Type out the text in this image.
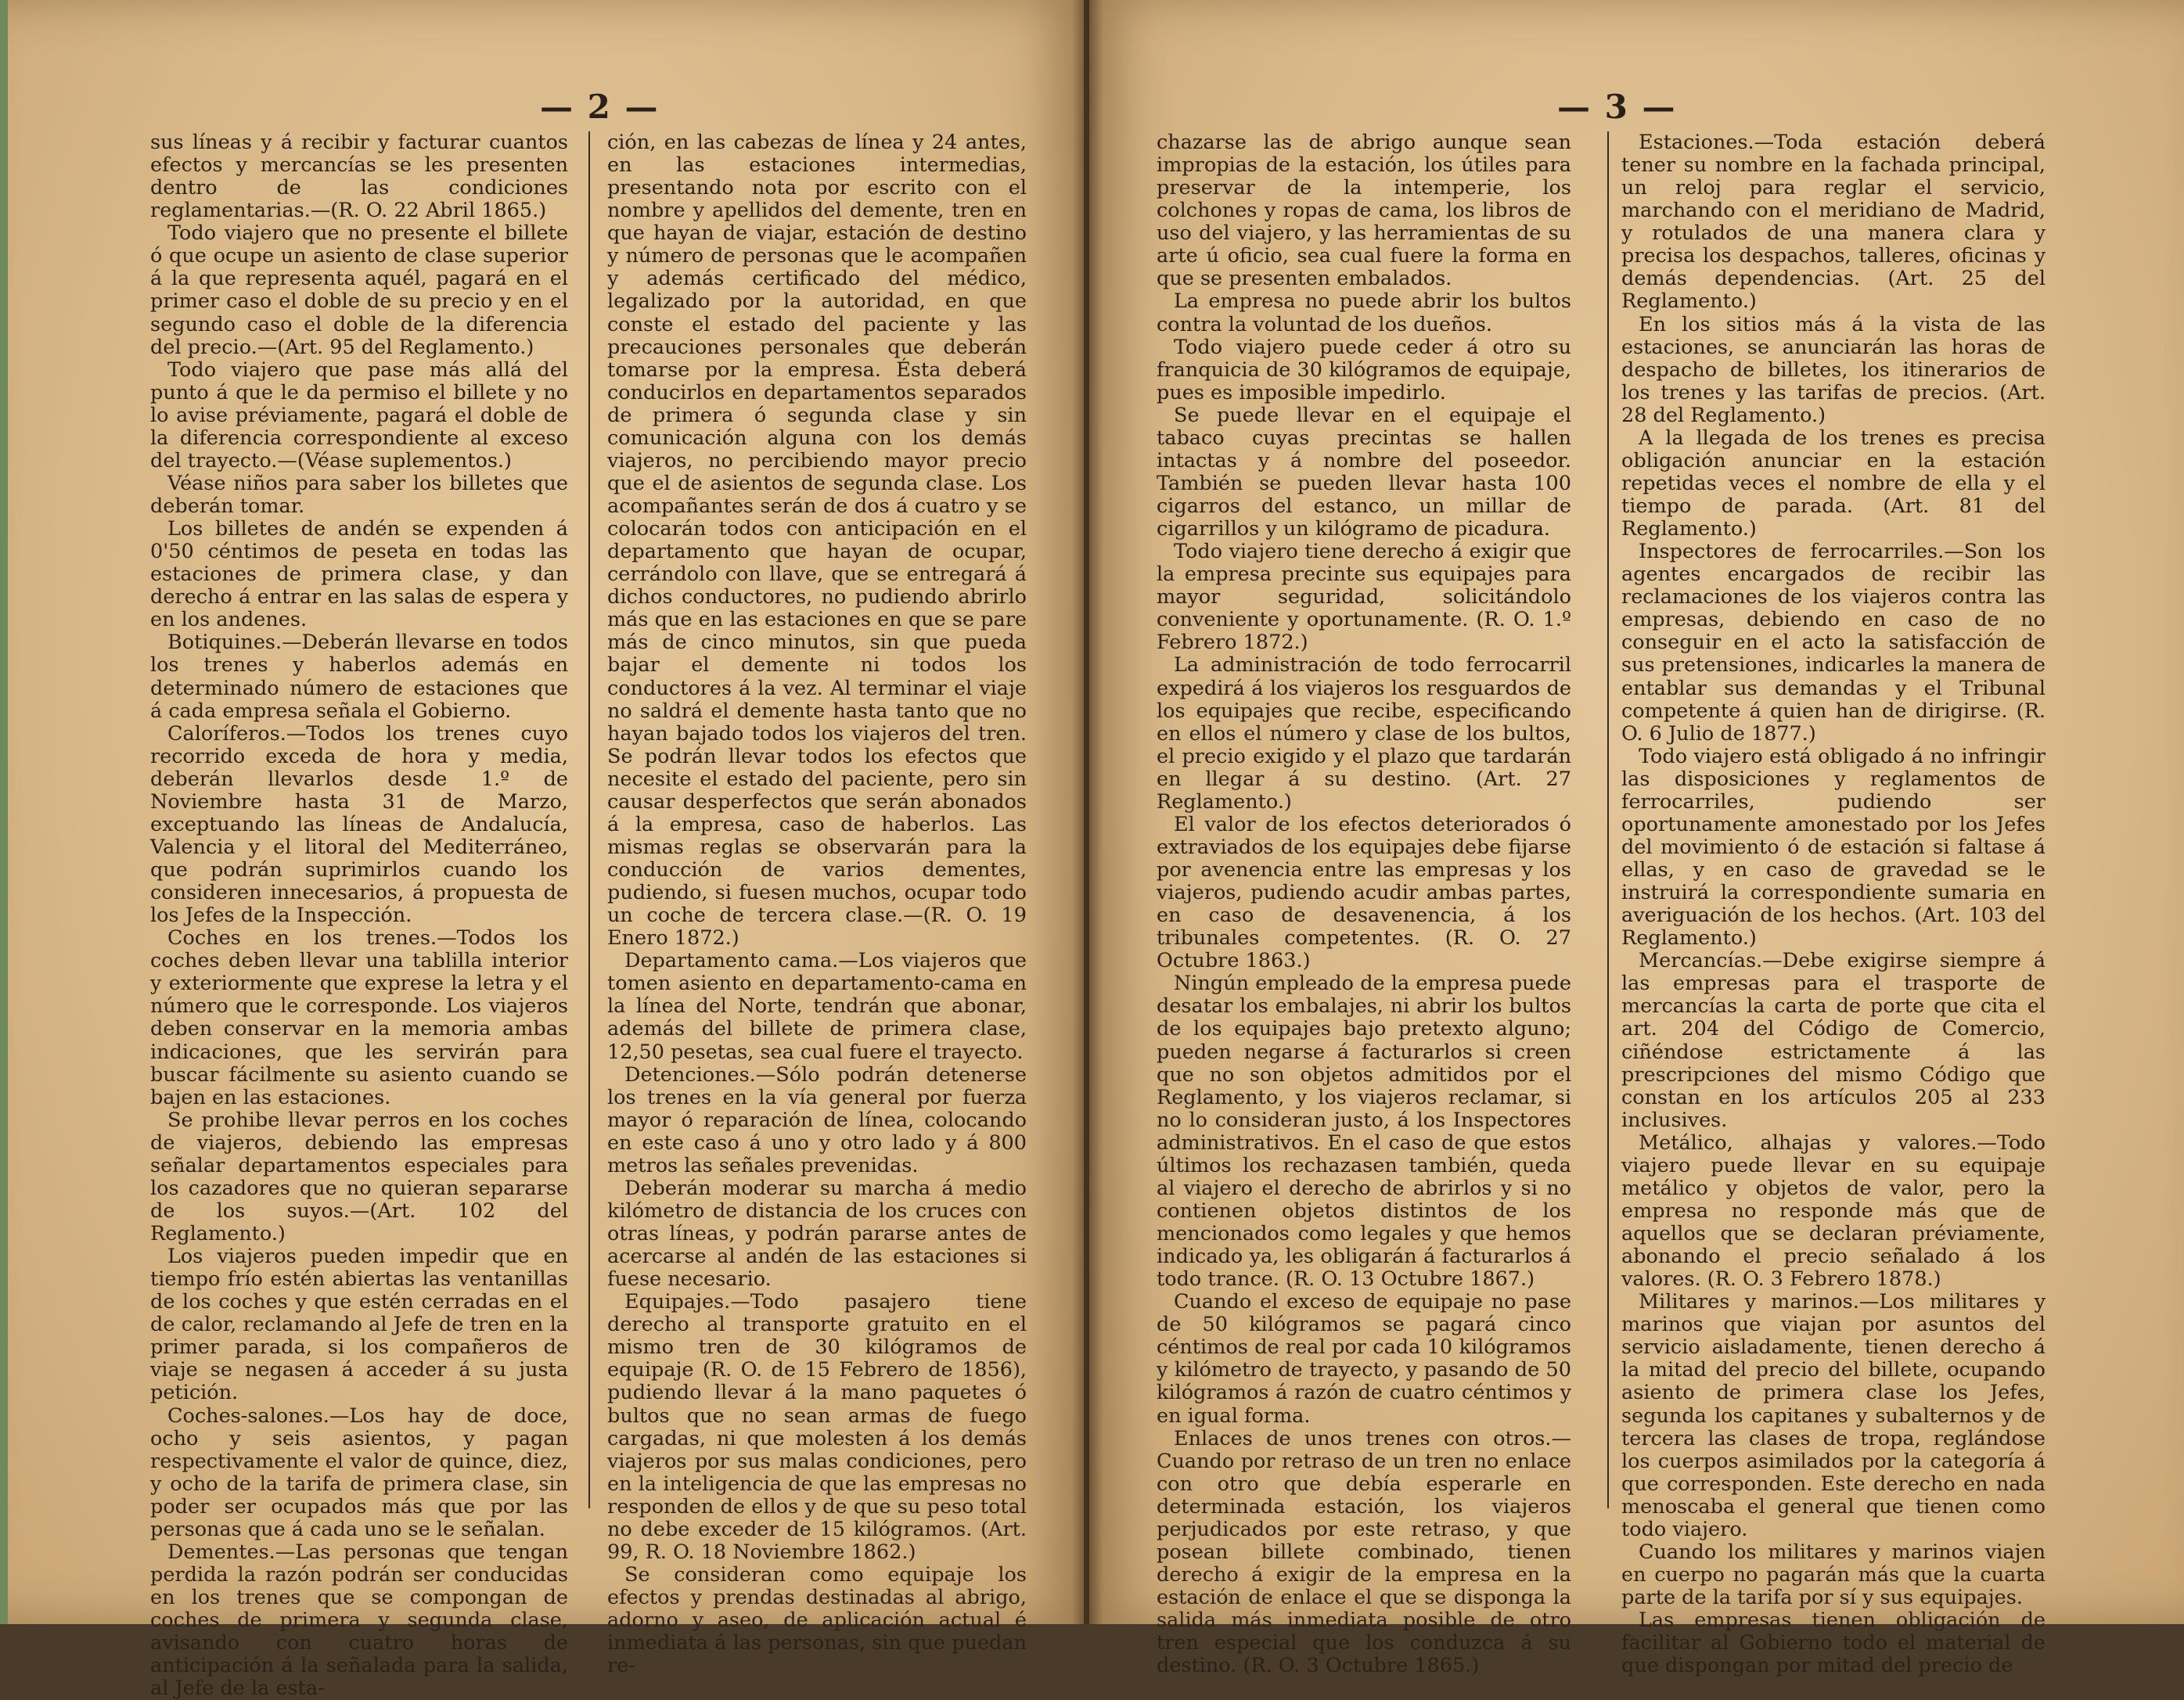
— 2 —

sus líneas y á recibir y facturar cuantos efectos y mercancías se les presenten dentro de las condiciones reglamentarias.—(R. O. 22 Abril 1865.)

Todo viajero que no presente el billete ó que ocupe un asiento de clase superior á la que representa aquél, pagará en el primer caso el doble de su precio y en el segundo caso el doble de la diferencia del precio.—(Art. 95 del Reglamento.)

Todo viajero que pase más allá del punto á que le da permiso el billete y no lo avise préviamente, pagará el doble de la diferencia correspondiente al exceso del trayecto.—(Véase suplementos.)

Véase niños para saber los billetes que deberán tomar.

Los billetes de andén se expenden á 0'50 céntimos de peseta en todas las estaciones de primera clase, y dan derecho á entrar en las salas de espera y en los andenes.

Botiquines.—Deberán llevarse en todos los trenes y haberlos además en determinado número de estaciones que á cada empresa señala el Gobierno.

Caloríferos.—Todos los trenes cuyo recorrido exceda de hora y media, deberán llevarlos desde 1.º de Noviembre hasta 31 de Marzo, exceptuando las líneas de Andalucía, Valencia y el litoral del Mediterráneo, que podrán suprimirlos cuando los consideren innecesarios, á propuesta de los Jefes de la Inspección.

Coches en los trenes.—Todos los coches deben llevar una tablilla interior y exteriormente que exprese la letra y el número que le corresponde. Los viajeros deben conservar en la memoria ambas indicaciones, que les servirán para buscar fácilmente su asiento cuando se bajen en las estaciones.

Se prohibe llevar perros en los coches de viajeros, debiendo las empresas señalar departamentos especiales para los cazadores que no quieran separarse de los suyos.—(Art. 102 del Reglamento.)

Los viajeros pueden impedir que en tiempo frío estén abiertas las ventanillas de los coches y que estén cerradas en el de calor, reclamando al Jefe de tren en la primer parada, si los compañeros de viaje se negasen á acceder á su justa petición.

Coches-salones.—Los hay de doce, ocho y seis asientos, y pagan respectivamente el valor de quince, diez, y ocho de la tarifa de primera clase, sin poder ser ocupados más que por las personas que á cada uno se le señalan.

Dementes.—Las personas que tengan perdida la razón podrán ser conducidas en los trenes que se compongan de coches de primera y segunda clase, avisando con cuatro horas de anticipación á la señalada para la salida, al Jefe de la esta-

ción, en las cabezas de línea y 24 antes, en las estaciones intermedias, presentando nota por escrito con el nombre y apellidos del demente, tren en que hayan de viajar, estación de destino y número de personas que le acompañen y además certificado del médico, legalizado por la autoridad, en que conste el estado del paciente y las precauciones personales que deberán tomarse por la empresa. Ésta deberá conducirlos en departamentos separados de primera ó segunda clase y sin comunicación alguna con los demás viajeros, no percibiendo mayor precio que el de asientos de segunda clase. Los acompañantes serán de dos á cuatro y se colocarán todos con anticipación en el departamento que hayan de ocupar, cerrándolo con llave, que se entregará á dichos conductores, no pudiendo abrirlo más que en las estaciones en que se pare más de cinco minutos, sin que pueda bajar el demente ni todos los conductores á la vez. Al terminar el viaje no saldrá el demente hasta tanto que no hayan bajado todos los viajeros del tren. Se podrán llevar todos los efectos que necesite el estado del paciente, pero sin causar desperfectos que serán abonados á la empresa, caso de haberlos. Las mismas reglas se observarán para la conducción de varios dementes, pudiendo, si fuesen muchos, ocupar todo un coche de tercera clase.—(R. O. 19 Enero 1872.)

Departamento cama.—Los viajeros que tomen asiento en departamento-cama en la línea del Norte, tendrán que abonar, además del billete de primera clase, 12,50 pesetas, sea cual fuere el trayecto.

Detenciones.—Sólo podrán detenerse los trenes en la vía general por fuerza mayor ó reparación de línea, colocando en este caso á uno y otro lado y á 800 metros las señales prevenidas.

Deberán moderar su marcha á medio kilómetro de distancia de los cruces con otras líneas, y podrán pararse antes de acercarse al andén de las estaciones si fuese necesario.

Equipajes.—Todo pasajero tiene derecho al transporte gratuito en el mismo tren de 30 kilógramos de equipaje (R. O. de 15 Febrero de 1856), pudiendo llevar á la mano paquetes ó bultos que no sean armas de fuego cargadas, ni que molesten á los demás viajeros por sus malas condiciones, pero en la inteligencia de que las empresas no responden de ellos y de que su peso total no debe exceder de 15 kilógramos. (Art. 99, R. O. 18 Noviembre 1862.)

Se consideran como equipaje los efectos y prendas destinadas al abrigo, adorno y aseo, de aplicación actual é inmediata á las personas, sin que puedan re-

— 3 —

chazarse las de abrigo aunque sean impropias de la estación, los útiles para preservar de la intemperie, los colchones y ropas de cama, los libros de uso del viajero, y las herramientas de su arte ú oficio, sea cual fuere la forma en que se presenten embalados.

La empresa no puede abrir los bultos contra la voluntad de los dueños.

Todo viajero puede ceder á otro su franquicia de 30 kilógramos de equipaje, pues es imposible impedirlo.

Se puede llevar en el equipaje el tabaco cuyas precintas se hallen intactas y á nombre del poseedor. También se pueden llevar hasta 100 cigarros del estanco, un millar de cigarrillos y un kilógramo de picadura.

Todo viajero tiene derecho á exigir que la empresa precinte sus equipajes para mayor seguridad, solicitándolo conveniente y oportunamente. (R. O. 1.º Febrero 1872.)

La administración de todo ferrocarril expedirá á los viajeros los resguardos de los equipajes que recibe, especificando en ellos el número y clase de los bultos, el precio exigido y el plazo que tardarán en llegar á su destino. (Art. 27 Reglamento.)

El valor de los efectos deteriorados ó extraviados de los equipajes debe fijarse por avenencia entre las empresas y los viajeros, pudiendo acudir ambas partes, en caso de desavenencia, á los tribunales competentes. (R. O. 27 Octubre 1863.)

Ningún empleado de la empresa puede desatar los embalajes, ni abrir los bultos de los equipajes bajo pretexto alguno; pueden negarse á facturarlos si creen que no son objetos admitidos por el Reglamento, y los viajeros reclamar, si no lo consideran justo, á los Inspectores administrativos. En el caso de que estos últimos los rechazasen también, queda al viajero el derecho de abrirlos y si no contienen objetos distintos de los mencionados como legales y que hemos indicado ya, les obligarán á facturarlos á todo trance. (R. O. 13 Octubre 1867.)

Cuando el exceso de equipaje no pase de 50 kilógramos se pagará cinco céntimos de real por cada 10 kilógramos y kilómetro de trayecto, y pasando de 50 kilógramos á razón de cuatro céntimos y en igual forma.

Enlaces de unos trenes con otros.—Cuando por retraso de un tren no enlace con otro que debía esperarle en determinada estación, los viajeros perjudicados por este retraso, y que posean billete combinado, tienen derecho á exigir de la empresa en la estación de enlace el que se disponga la salida más inmediata posible de otro tren especial que los conduzca á su destino. (R. O. 3 Octubre 1865.)

Estaciones.—Toda estación deberá tener su nombre en la fachada principal, un reloj para reglar el servicio, marchando con el meridiano de Madrid, y rotulados de una manera clara y precisa los despachos, talleres, oficinas y demás dependencias. (Art. 25 del Reglamento.)

En los sitios más á la vista de las estaciones, se anunciarán las horas de despacho de billetes, los itinerarios de los trenes y las tarifas de precios. (Art. 28 del Reglamento.)

A la llegada de los trenes es precisa obligación anunciar en la estación repetidas veces el nombre de ella y el tiempo de parada. (Art. 81 del Reglamento.)

Inspectores de ferrocarriles.—Son los agentes encargados de recibir las reclamaciones de los viajeros contra las empresas, debiendo en caso de no conseguir en el acto la satisfacción de sus pretensiones, indicarles la manera de entablar sus demandas y el Tribunal competente á quien han de dirigirse. (R. O. 6 Julio de 1877.)

Todo viajero está obligado á no infringir las disposiciones y reglamentos de ferrocarriles, pudiendo ser oportunamente amonestado por los Jefes del movimiento ó de estación si faltase á ellas, y en caso de gravedad se le instruirá la correspondiente sumaria en averiguación de los hechos. (Art. 103 del Reglamento.)

Mercancías.—Debe exigirse siempre á las empresas para el trasporte de mercancías la carta de porte que cita el art. 204 del Código de Comercio, ciñéndose estrictamente á las prescripciones del mismo Código que constan en los artículos 205 al 233 inclusives.

Metálico, alhajas y valores.—Todo viajero puede llevar en su equipaje metálico y objetos de valor, pero la empresa no responde más que de aquellos que se declaran préviamente, abonando el precio señalado á los valores. (R. O. 3 Febrero 1878.)

Militares y marinos.—Los militares y marinos que viajan por asuntos del servicio aisladamente, tienen derecho á la mitad del precio del billete, ocupando asiento de primera clase los Jefes, segunda los capitanes y subalternos y de tercera las clases de tropa, reglándose los cuerpos asimilados por la categoría á que corresponden. Este derecho en nada menoscaba el general que tienen como todo viajero.

Cuando los militares y marinos viajen en cuerpo no pagarán más que la cuarta parte de la tarifa por sí y sus equipajes.

Las empresas tienen obligación de facilitar al Gobierno todo el material de que dispongan por mitad del precio de
